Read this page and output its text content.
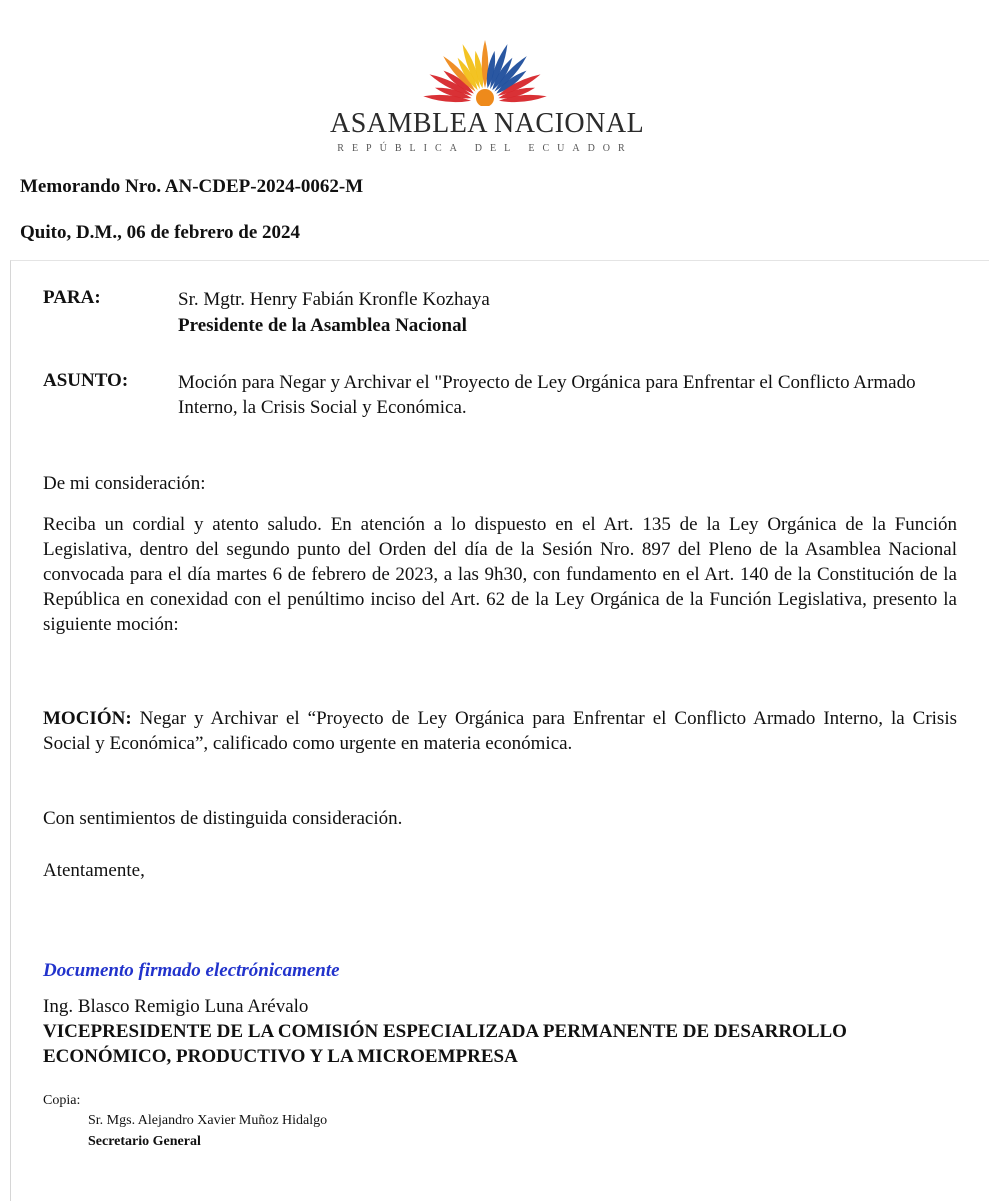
ASAMBLEA NACIONAL
REPÚBLICA DEL ECUADOR
Memorando Nro. AN-CDEP-2024-0062-M
Quito, D.M., 06 de febrero de 2024
PARA:	Sr. Mgtr. Henry Fabián Kronfle Kozhaya
Presidente de la Asamblea Nacional
ASUNTO:	Moción para Negar y Archivar el "Proyecto de Ley Orgánica para Enfrentar el Conflicto Armado Interno, la Crisis Social y Económica.
De mi consideración:
Reciba un cordial y atento saludo. En atención a lo dispuesto en el Art. 135 de la Ley Orgánica de la Función Legislativa, dentro del segundo punto del Orden del día de la Sesión Nro. 897 del Pleno de la Asamblea Nacional convocada para el día martes 6 de febrero de 2023, a las 9h30, con fundamento en el Art. 140 de la Constitución de la República en conexidad con el penúltimo inciso del Art. 62 de la Ley Orgánica de la Función Legislativa, presento la siguiente moción:
MOCIÓN: Negar y Archivar el “Proyecto de Ley Orgánica para Enfrentar el Conflicto Armado Interno, la Crisis Social y Económica”, calificado como urgente en materia económica.
Con sentimientos de distinguida consideración.
Atentamente,
Documento firmado electrónicamente
Ing. Blasco Remigio Luna Arévalo
VICEPRESIDENTE DE LA COMISIÓN ESPECIALIZADA PERMANENTE DE DESARROLLO ECONÓMICO, PRODUCTIVO Y LA MICROEMPRESA
Copia:
Sr. Mgs. Alejandro Xavier Muñoz Hidalgo
Secretario General
